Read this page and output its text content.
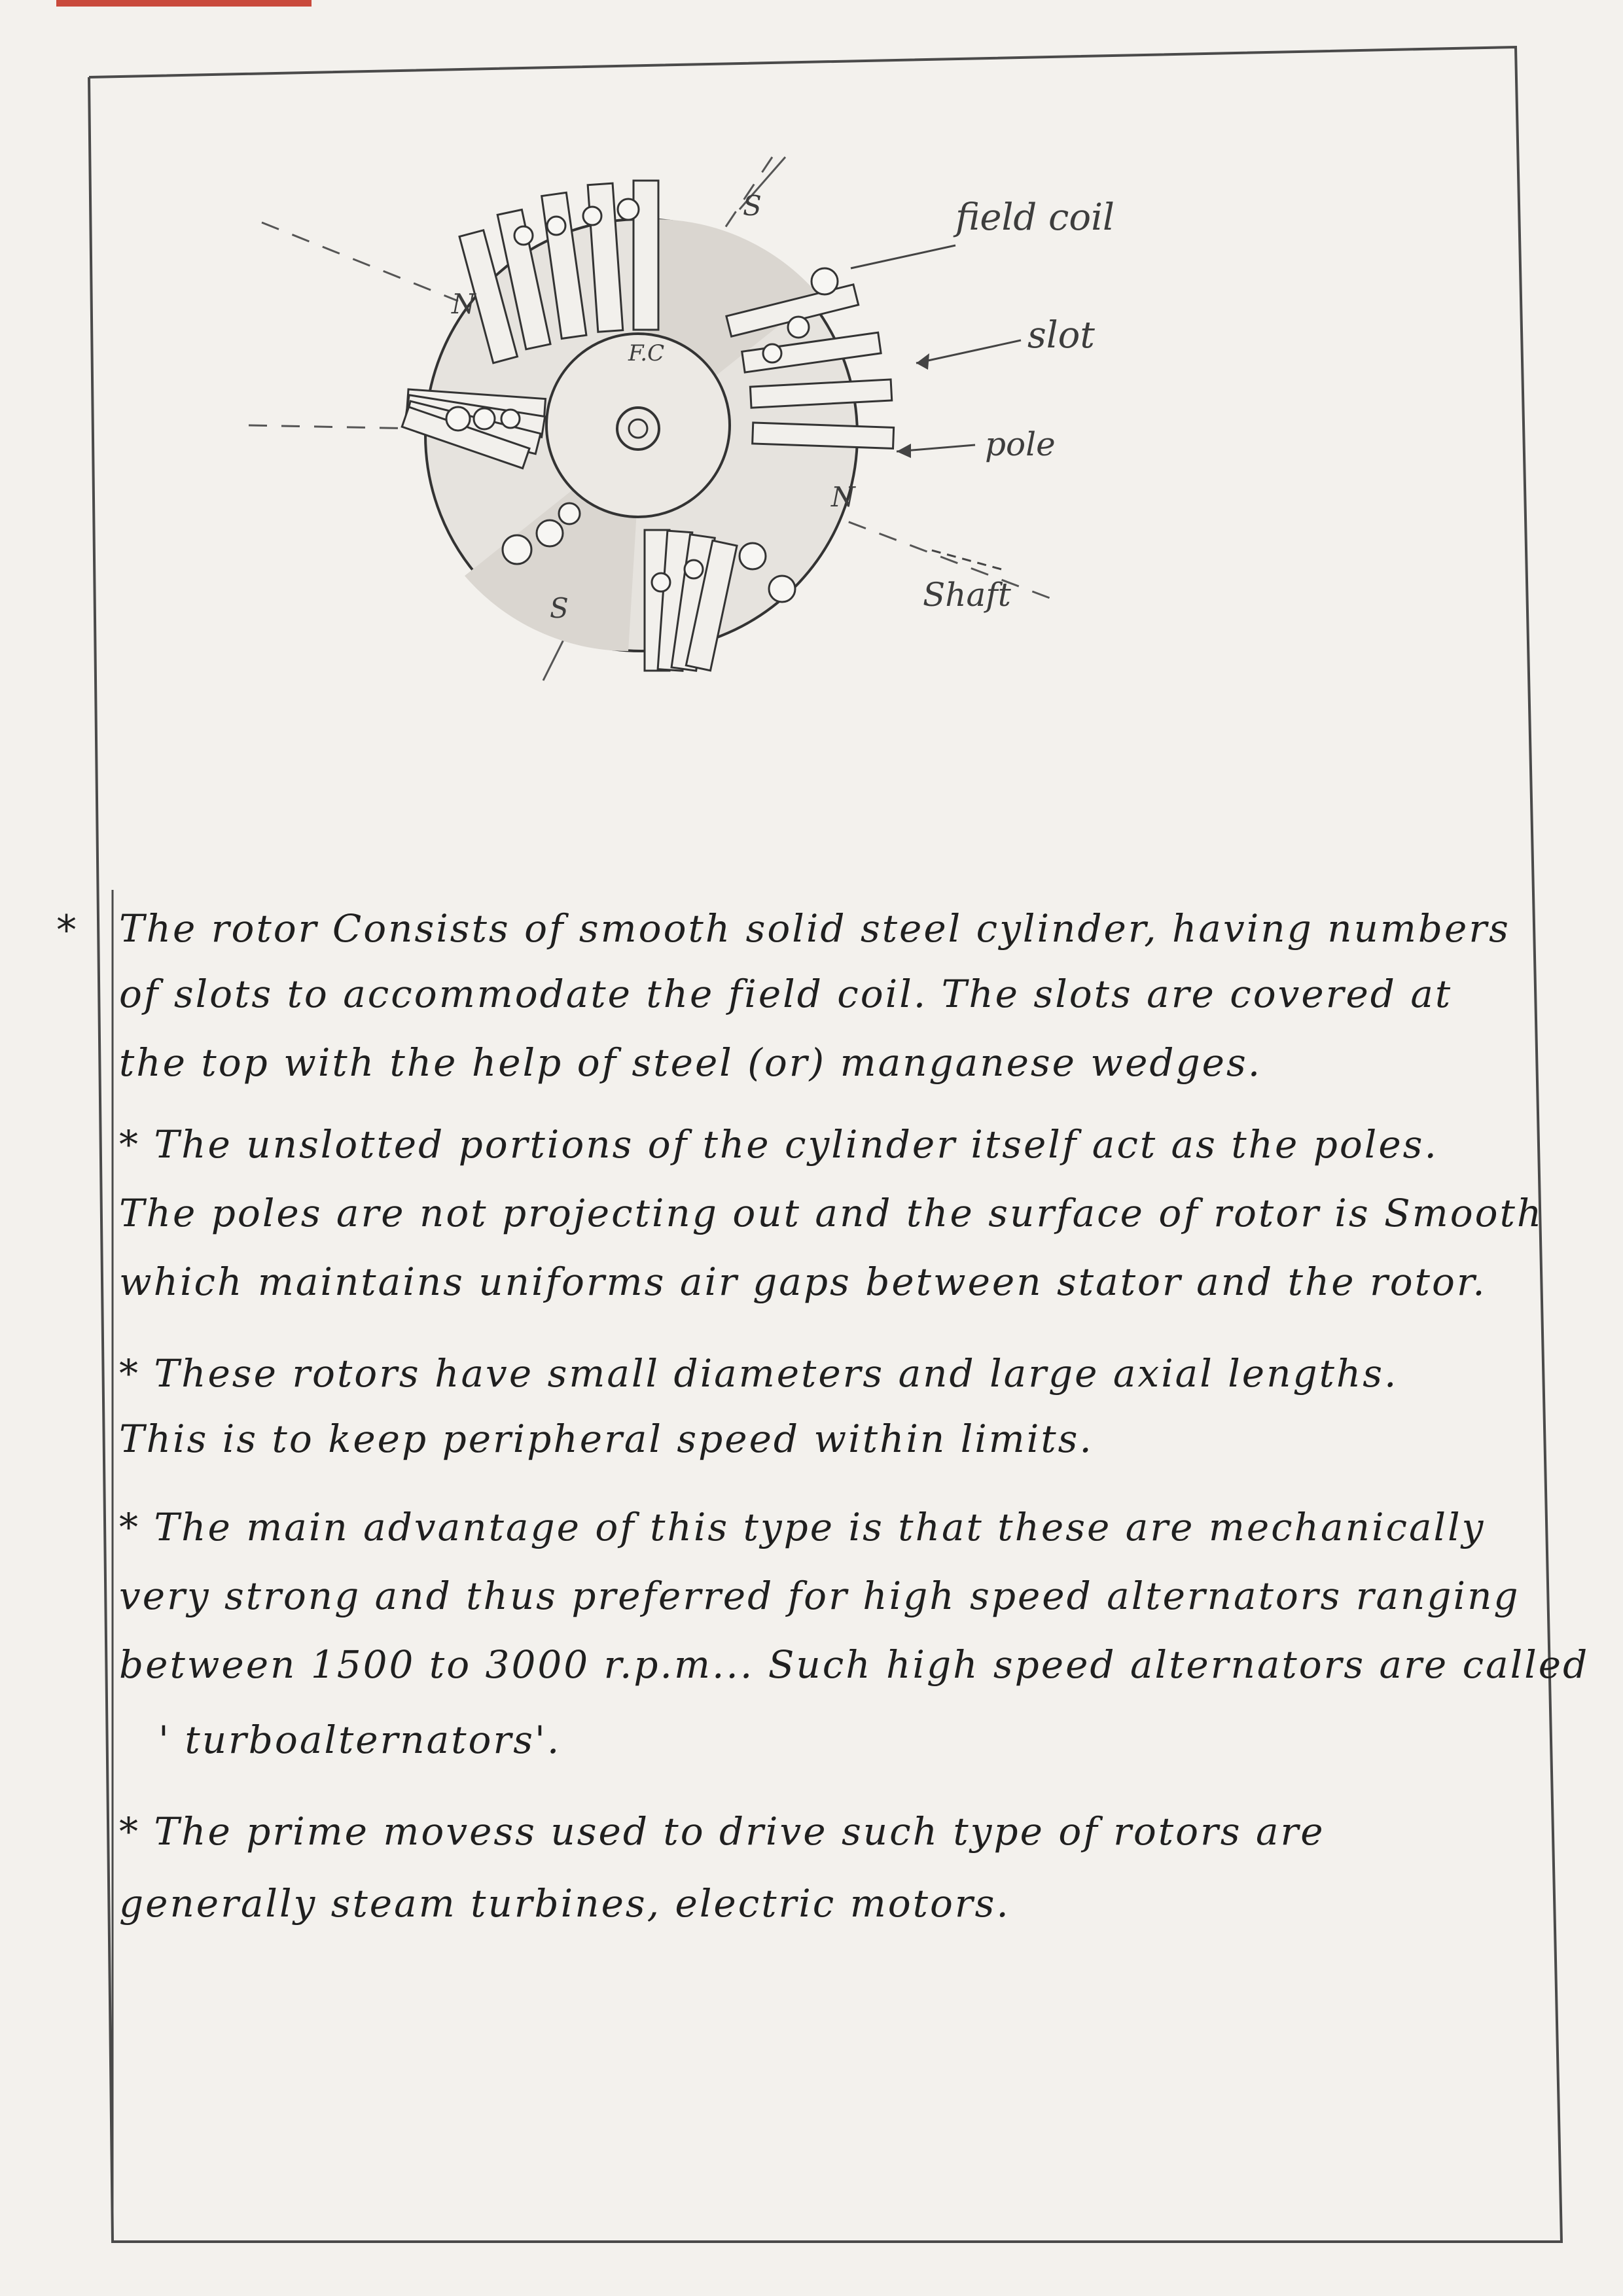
N
S
N
S
F.C
field coil
slot
pole
Shaft
* The rotor Consists of smooth solid steel cylinder, having numbers
of slots to accommodate the field coil. The slots are covered at
the top with the help of steel (or) manganese wedges.
* The unslotted portions of the cylinder itself act as the poles.
The poles are not projecting out and the surface of rotor is Smooth
which maintains uniforms air gaps between stator and the rotor.
* These rotors have small diameters and large axial lengths.
This is to keep peripheral speed within limits.
* The main advantage of this type is that these are mechanically
very strong and thus preferred for high speed alternators ranging
between 1500 to 3000 r.p.m... Such high speed alternators are called
' turboalternators'.
* The prime movess used to drive such type of rotors are
generally steam turbines, electric motors.
